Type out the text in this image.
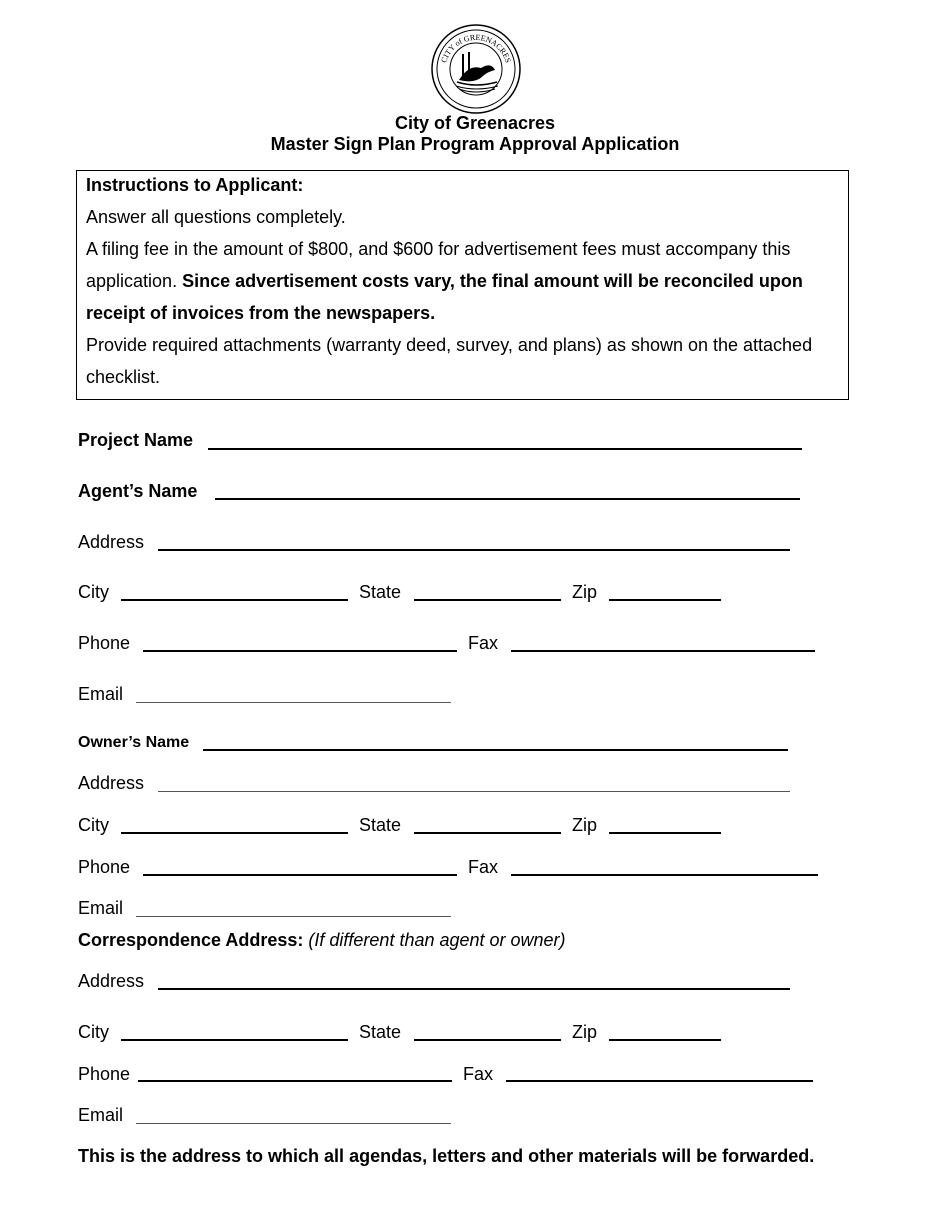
CITY of GREENACRES
City of Greenacres
Master Sign Plan Program Approval Application

Instructions to Applicant:

Answer all questions completely.

A filing fee in the amount of $800, and $600 for advertisement fees must accompany this

application. Since advertisement costs vary, the final amount will be reconciled upon

receipt of invoices from the newspapers.

Provide required attachments (warranty deed, survey, and plans) as shown on the attached

checklist.

Project Name
Agent’s Name
Address
City	State	Zip
Phone	Fax
Email
Owner’s Name
Address
City	State	Zip
Phone	Fax
Email
Correspondence Address: (If different than agent or owner)
Address
City	State	Zip
Phone	Fax
Email
This is the address to which all agendas, letters and other materials will be forwarded.
